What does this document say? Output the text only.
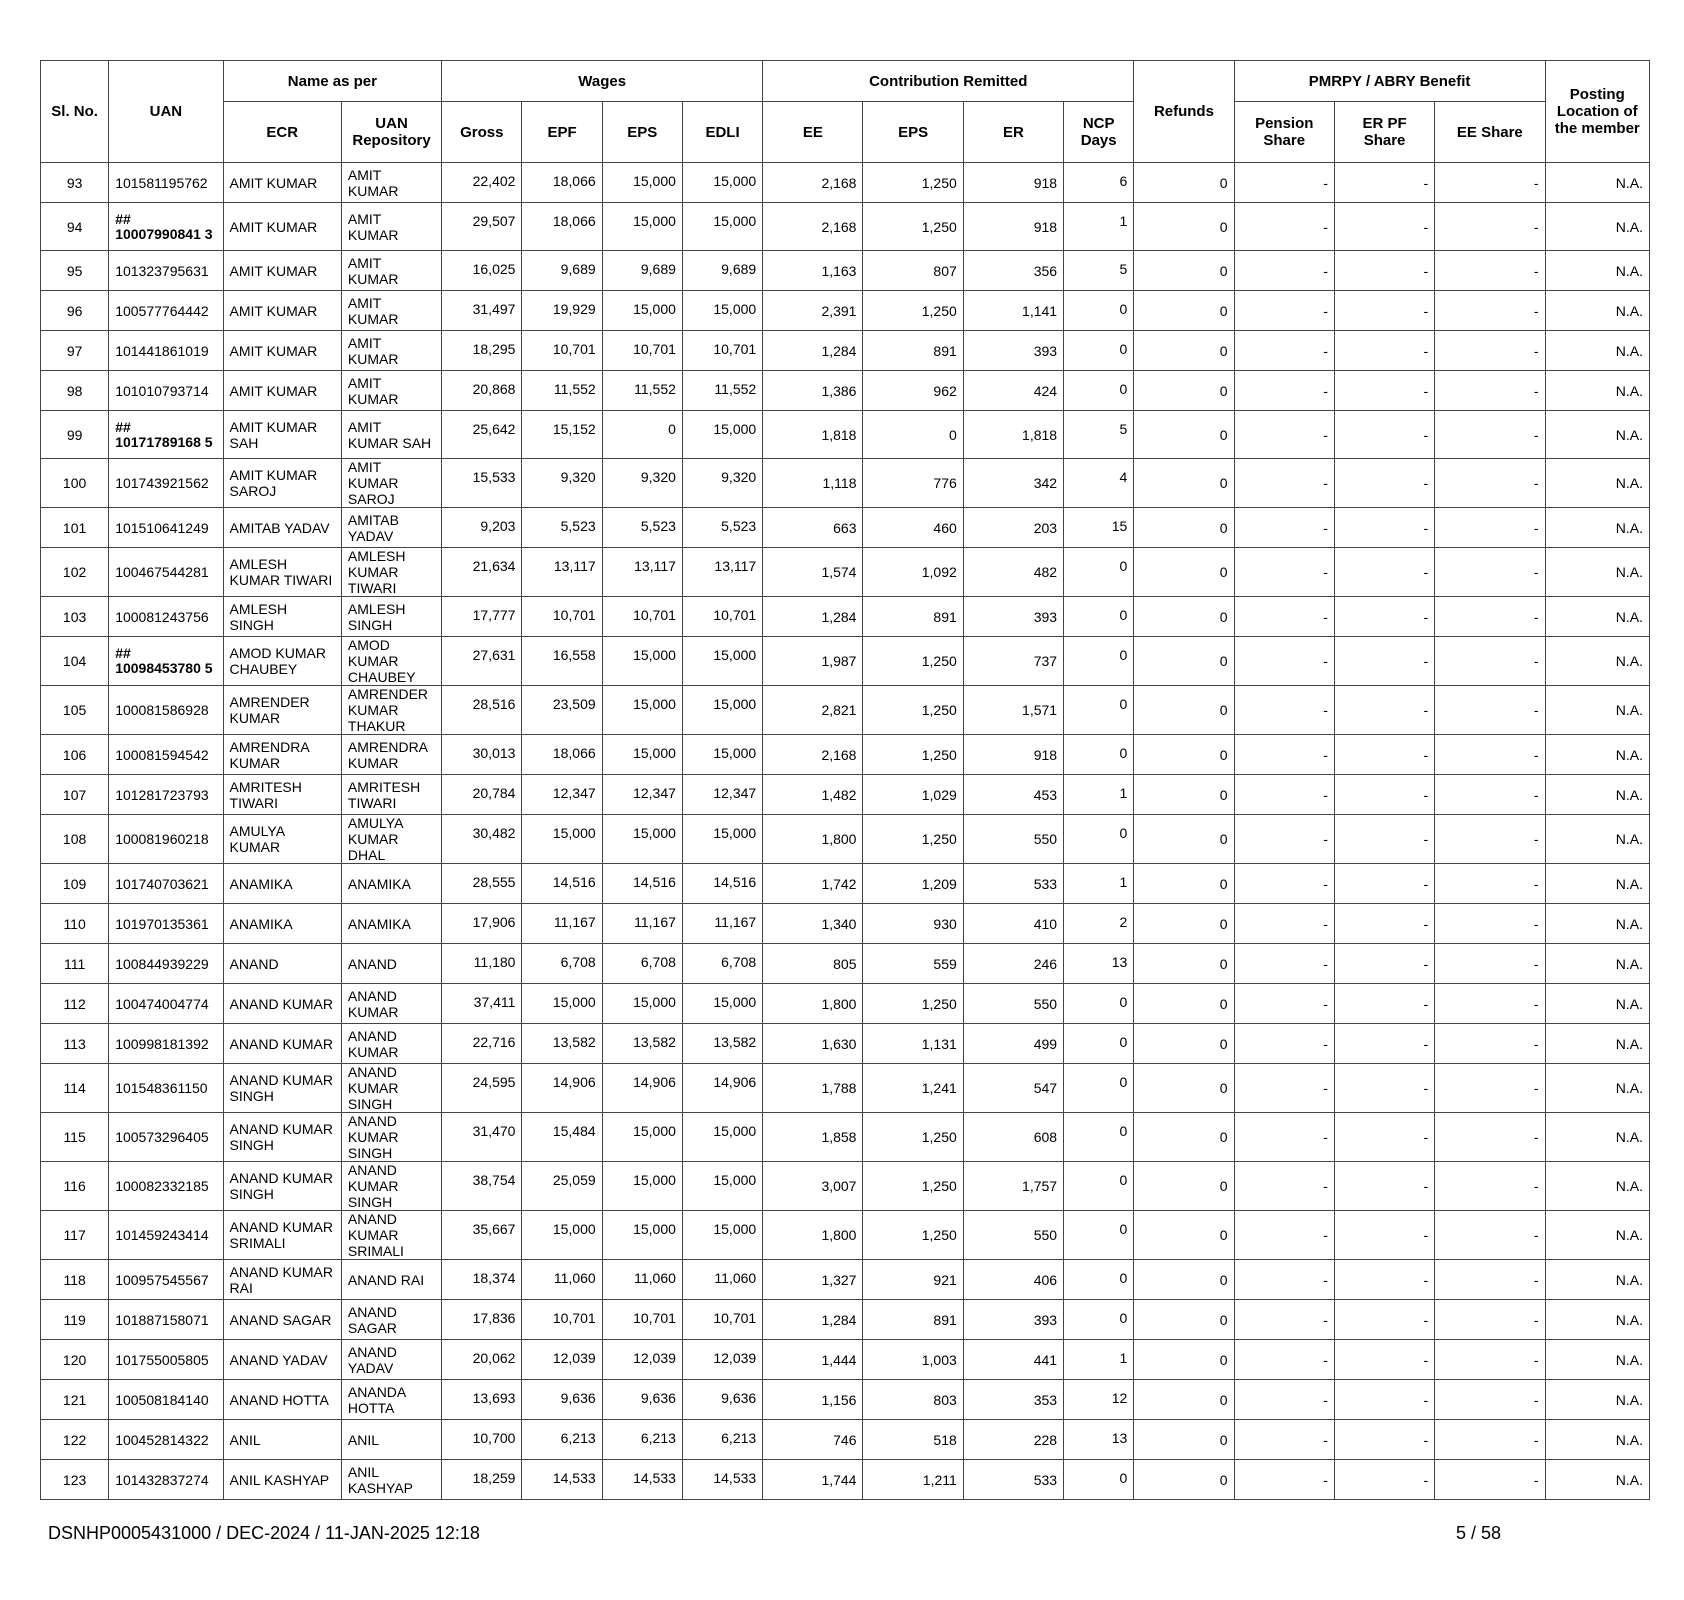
Sl. No.	UAN	Name as per		Wages				Contribution Remitted				Refunds	PMRPY / ABRY Benefit			Posting Location of the member
		ECR	UAN Repository	Gross	EPF	EPS	EDLI	EE	EPS	ER	NCP Days		Pension Share	ER PF Share	EE Share	
93	101581195762	AMIT KUMAR	AMIT KUMAR	22,402	18,066	15,000	15,000	2,168	1,250	918	6	0	-	-	-	N.A.
94	## 10007990841 3	AMIT KUMAR	AMIT KUMAR	29,507	18,066	15,000	15,000	2,168	1,250	918	1	0	-	-	-	N.A.
95	101323795631	AMIT KUMAR	AMIT KUMAR	16,025	9,689	9,689	9,689	1,163	807	356	5	0	-	-	-	N.A.
96	100577764442	AMIT KUMAR	AMIT KUMAR	31,497	19,929	15,000	15,000	2,391	1,250	1,141	0	0	-	-	-	N.A.
97	101441861019	AMIT KUMAR	AMIT KUMAR	18,295	10,701	10,701	10,701	1,284	891	393	0	0	-	-	-	N.A.
98	101010793714	AMIT KUMAR	AMIT KUMAR	20,868	11,552	11,552	11,552	1,386	962	424	0	0	-	-	-	N.A.
99	## 10171789168 5	AMIT KUMAR SAH	AMIT KUMAR SAH	25,642	15,152	0	15,000	1,818	0	1,818	5	0	-	-	-	N.A.
100	101743921562	AMIT KUMAR SAROJ	AMIT KUMAR SAROJ	15,533	9,320	9,320	9,320	1,118	776	342	4	0	-	-	-	N.A.
101	101510641249	AMITAB YADAV	AMITAB YADAV	9,203	5,523	5,523	5,523	663	460	203	15	0	-	-	-	N.A.
102	100467544281	AMLESH KUMAR TIWARI	AMLESH KUMAR TIWARI	21,634	13,117	13,117	13,117	1,574	1,092	482	0	0	-	-	-	N.A.
103	100081243756	AMLESH SINGH	AMLESH SINGH	17,777	10,701	10,701	10,701	1,284	891	393	0	0	-	-	-	N.A.
104	## 10098453780 5	AMOD KUMAR CHAUBEY	AMOD KUMAR CHAUBEY	27,631	16,558	15,000	15,000	1,987	1,250	737	0	0	-	-	-	N.A.
105	100081586928	AMRENDER KUMAR	AMRENDER KUMAR THAKUR	28,516	23,509	15,000	15,000	2,821	1,250	1,571	0	0	-	-	-	N.A.
106	100081594542	AMRENDRA KUMAR	AMRENDRA KUMAR	30,013	18,066	15,000	15,000	2,168	1,250	918	0	0	-	-	-	N.A.
107	101281723793	AMRITESH TIWARI	AMRITESH TIWARI	20,784	12,347	12,347	12,347	1,482	1,029	453	1	0	-	-	-	N.A.
108	100081960218	AMULYA KUMAR	AMULYA KUMAR DHAL	30,482	15,000	15,000	15,000	1,800	1,250	550	0	0	-	-	-	N.A.
109	101740703621	ANAMIKA	ANAMIKA	28,555	14,516	14,516	14,516	1,742	1,209	533	1	0	-	-	-	N.A.
110	101970135361	ANAMIKA	ANAMIKA	17,906	11,167	11,167	11,167	1,340	930	410	2	0	-	-	-	N.A.
111	100844939229	ANAND	ANAND	11,180	6,708	6,708	6,708	805	559	246	13	0	-	-	-	N.A.
112	100474004774	ANAND KUMAR	ANAND KUMAR	37,411	15,000	15,000	15,000	1,800	1,250	550	0	0	-	-	-	N.A.
113	100998181392	ANAND KUMAR	ANAND KUMAR	22,716	13,582	13,582	13,582	1,630	1,131	499	0	0	-	-	-	N.A.
114	101548361150	ANAND KUMAR SINGH	ANAND KUMAR SINGH	24,595	14,906	14,906	14,906	1,788	1,241	547	0	0	-	-	-	N.A.
115	100573296405	ANAND KUMAR SINGH	ANAND KUMAR SINGH	31,470	15,484	15,000	15,000	1,858	1,250	608	0	0	-	-	-	N.A.
116	100082332185	ANAND KUMAR SINGH	ANAND KUMAR SINGH	38,754	25,059	15,000	15,000	3,007	1,250	1,757	0	0	-	-	-	N.A.
117	101459243414	ANAND KUMAR SRIMALI	ANAND KUMAR SRIMALI	35,667	15,000	15,000	15,000	1,800	1,250	550	0	0	-	-	-	N.A.
118	100957545567	ANAND KUMAR RAI	ANAND RAI	18,374	11,060	11,060	11,060	1,327	921	406	0	0	-	-	-	N.A.
119	101887158071	ANAND SAGAR	ANAND SAGAR	17,836	10,701	10,701	10,701	1,284	891	393	0	0	-	-	-	N.A.
120	101755005805	ANAND YADAV	ANAND YADAV	20,062	12,039	12,039	12,039	1,444	1,003	441	1	0	-	-	-	N.A.
121	100508184140	ANAND HOTTA	ANANDA HOTTA	13,693	9,636	9,636	9,636	1,156	803	353	12	0	-	-	-	N.A.
122	100452814322	ANIL	ANIL	10,700	6,213	6,213	6,213	746	518	228	13	0	-	-	-	N.A.
123	101432837274	ANIL KASHYAP	ANIL KASHYAP	18,259	14,533	14,533	14,533	1,744	1,211	533	0	0	-	-	-	N.A.
DSNHP0005431000 / DEC-2024 / 11-JAN-2025 12:18	5 / 58
